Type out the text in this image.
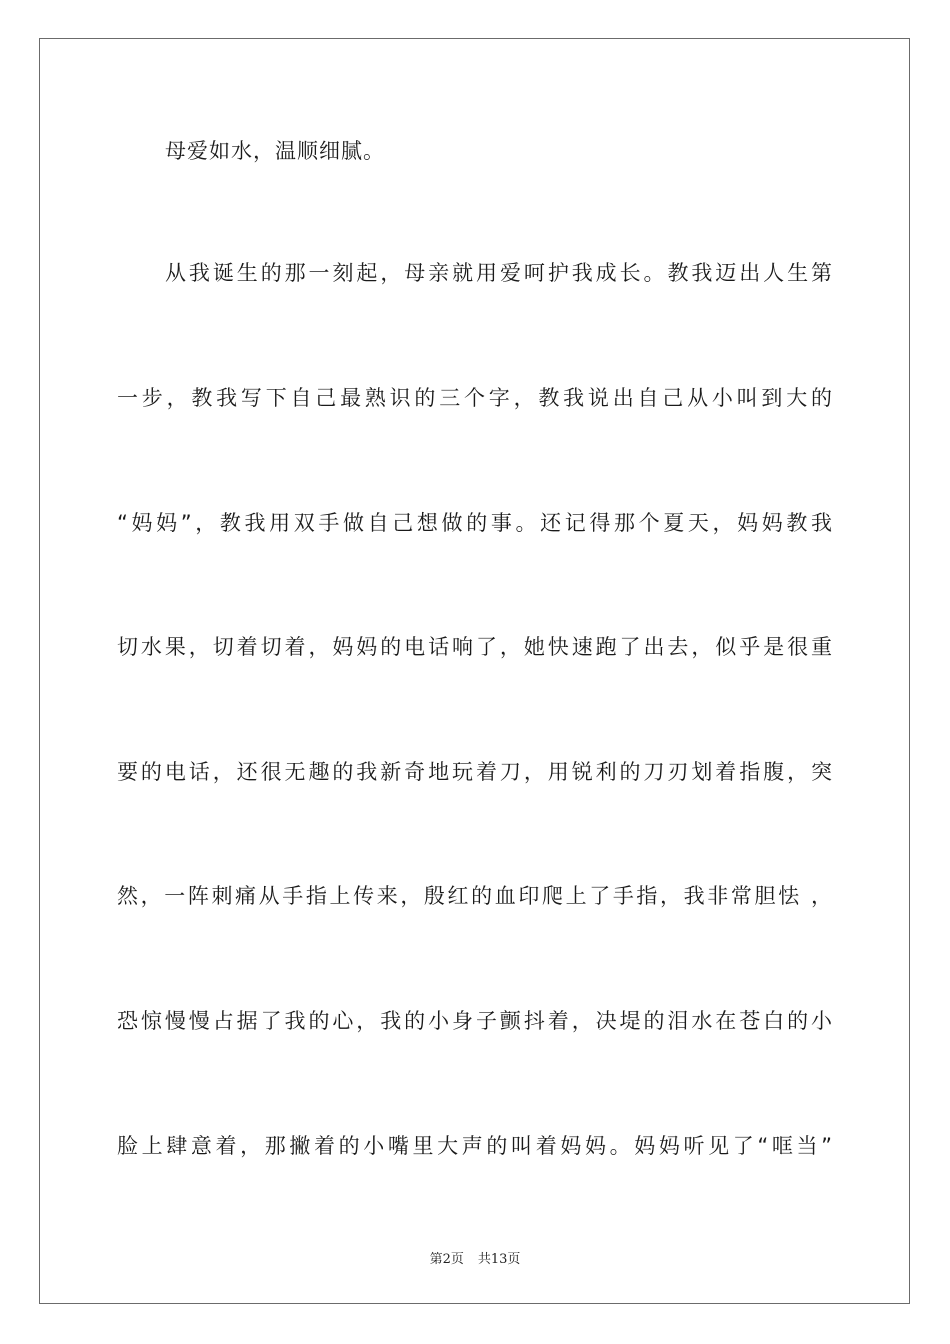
母爱如水，温顺细腻。
从我诞生的那一刻起，母亲就用爱呵护我成长。教我迈出人生第
一步，教我写下自己最熟识的三个字，教我说出自己从小叫到大的
“妈妈”，教我用双手做自己想做的事。还记得那个夏天，妈妈教我
切水果，切着切着，妈妈的电话响了，她快速跑了出去，似乎是很重
要的电话，还很无趣的我新奇地玩着刀，用锐利的刀刃划着指腹，突
然，一阵刺痛从手指上传来，殷红的血印爬上了手指，我非常胆怯 ，
恐惊慢慢占据了我的心，我的小身子颤抖着，决堤的泪水在苍白的小
脸上肆意着，那撇着的小嘴里大声的叫着妈妈。妈妈听见了“哐当”
第2页 共13页
